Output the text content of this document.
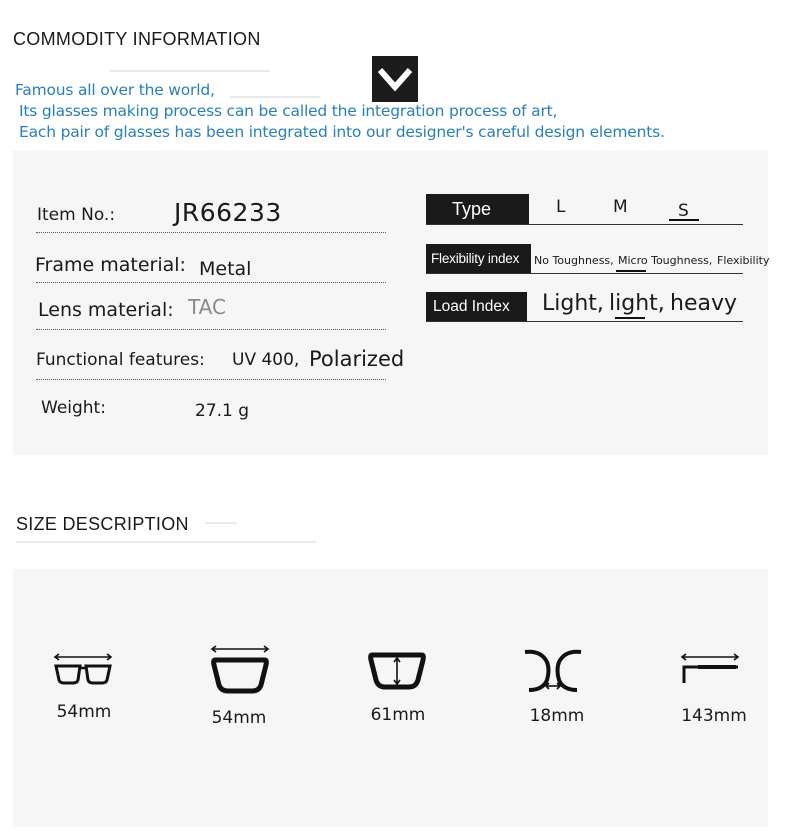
COMMODITY INFORMATION
Famous all over the world,
Its glasses making process can be called the integration process of art,
Each pair of glasses has been integrated into our designer's careful design elements.
Item No.: JR66233
Frame material: Metal
Lens material: TAC
Functional features: UV 400, Polarized
Weight:	27.1 g
Type	L	M	S
Flexibility index	No Toughness, Micro Toughness, Flexibility
Load Index	Light, light, heavy
SIZE DESCRIPTION
54mm	54mm	61mm	18mm	143mm
